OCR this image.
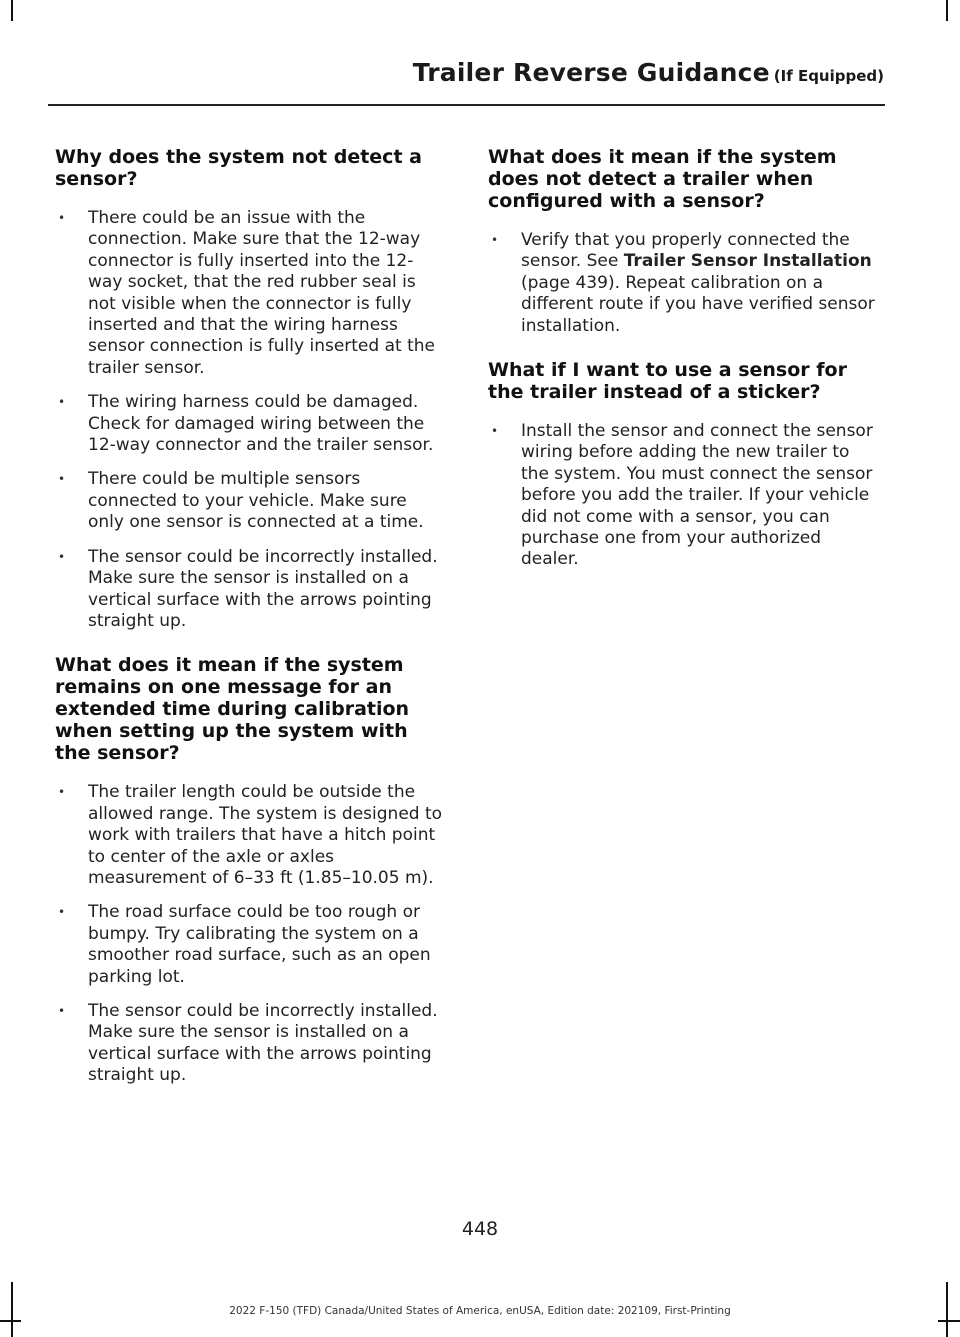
Trailer Reverse Guidance (If Equipped)
Why does the system not detect a sensor?
• There could be an issue with the connection. Make sure that the 12-way connector is fully inserted into the 12-way socket, that the red rubber seal is not visible when the connector is fully inserted and that the wiring harness sensor connection is fully inserted at the trailer sensor.
• The wiring harness could be damaged. Check for damaged wiring between the 12-way connector and the trailer sensor.
• There could be multiple sensors connected to your vehicle. Make sure only one sensor is connected at a time.
• The sensor could be incorrectly installed. Make sure the sensor is installed on a vertical surface with the arrows pointing straight up.
What does it mean if the system remains on one message for an extended time during calibration when setting up the system with the sensor?
• The trailer length could be outside the allowed range. The system is designed to work with trailers that have a hitch point to center of the axle or axles measurement of 6–33 ft (1.85–10.05 m).
• The road surface could be too rough or bumpy. Try calibrating the system on a smoother road surface, such as an open parking lot.
• The sensor could be incorrectly installed. Make sure the sensor is installed on a vertical surface with the arrows pointing straight up.
What does it mean if the system does not detect a trailer when configured with a sensor?
• Verify that you properly connected the sensor. See Trailer Sensor Installation (page 439). Repeat calibration on a different route if you have verified sensor installation.
What if I want to use a sensor for the trailer instead of a sticker?
• Install the sensor and connect the sensor wiring before adding the new trailer to the system. You must connect the sensor before you add the trailer. If your vehicle did not come with a sensor, you can purchase one from your authorized dealer.
448
2022 F-150 (TFD) Canada/United States of America, enUSA, Edition date: 202109, First-Printing
